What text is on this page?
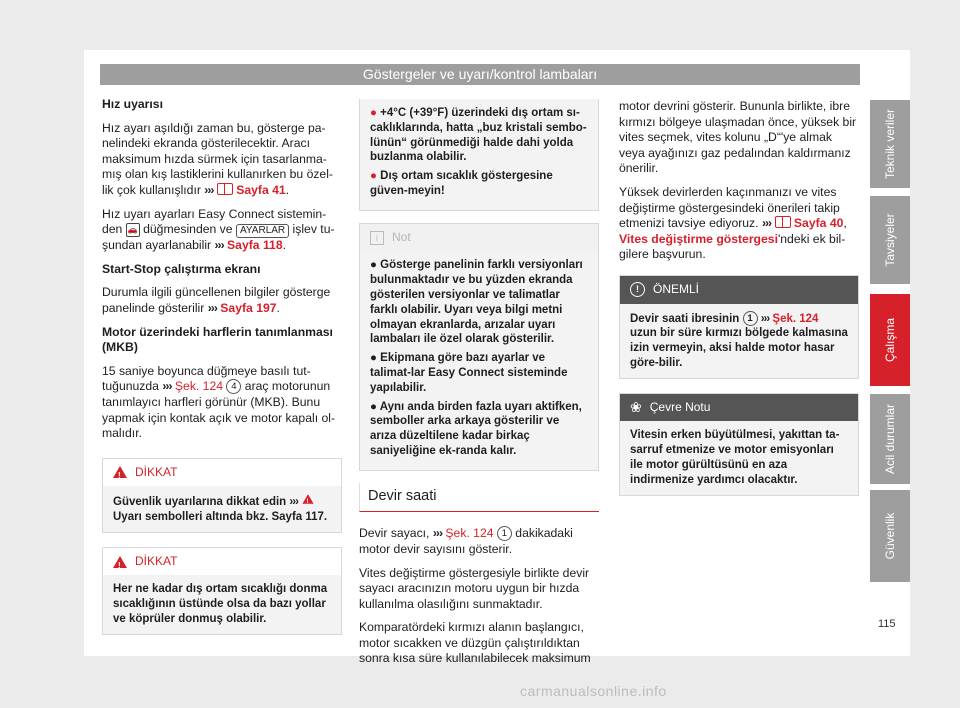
Göstergeler ve uyarı/kontrol lambaları

Hız uyarısı

Hız ayarı aşıldığı zaman bu, gösterge pa-nelindeki ekranda gösterilecektir. Aracı maksimum hızda sürmek için tasarlanma-mış olan kış lastiklerini kullanırken bu özel-lik çok kullanışlıdır ››› Sayfa 41.

Hız uyarı ayarları Easy Connect sistemin-den 🚗 düğmesinden ve AYARLAR işlev tu-şundan ayarlanabilir ››› Sayfa 118.

Start-Stop çalıştırma ekranı

Durumla ilgili güncellenen bilgiler gösterge panelinde gösterilir ››› Sayfa 197.

Motor üzerindeki harflerin tanımlanması (MKB)

15 saniye boyunca düğmeye basılı tut-tuğunuzda ››› Şek. 124 4 araç motorunun tanımlayıcı harfleri görünür (MKB). Bunu yapmak için kontak açık ve motor kapalı ol-malıdır.

!
DİKKAT
Güvenlik uyarılarına dikkat edin ››› !
Uyarı sembolleri altında bkz. Sayfa 117.
!
DİKKAT
Her ne kadar dış ortam sıcaklığı donma sıcaklığının üstünde olsa da bazı yollar ve köprüler donmuş olabilir.

● +4°C (+39°F) üzerindeki dış ortam sı-caklıklarında, hatta „buz kristali sembo-lünün“ görünmediği halde dahi yolda buzlanma olabilir.

● Dış ortam sıcaklık göstergesine güven-meyin!

i	Not

● Gösterge panelinin farklı versiyonları bulunmaktadır ve bu yüzden ekranda gösterilen versiyonlar ve talimatlar farklı olabilir. Uyarı veya bilgi metni olmayan ekranlarda, arızalar uyarı lambaları ile özel olarak gösterilir.

● Ekipmana göre bazı ayarlar ve talimat-lar Easy Connect sisteminde yapılabilir.

● Aynı anda birden fazla uyarı aktifken, semboller arka arkaya gösterilir ve arıza düzeltilene kadar birkaç saniyeliğine ek-randa kalır.

Devir saati

Devir sayacı, ››› Şek. 124 1 dakikadaki motor devir sayısını gösterir.

Vites değiştirme göstergesiyle birlikte devir sayacı aracınızın motoru uygun bir hızda kullanılma olasılığını sunmaktadır.

Komparatördeki kırmızı alanın başlangıcı, motor sıcakken ve düzgün çalıştırıldıktan sonra kısa süre kullanılabilecek maksimum

motor devrini gösterir. Bununla birlikte, ibre kırmızı bölgeye ulaşmadan önce, yüksek bir vites seçmek, vites kolunu „D“'ye almak veya ayağınızı gaz pedalından kaldırmanız önerilir.

Yüksek devirlerden kaçınmanızı ve vites değiştirme göstergesindeki önerileri takip etmenizi tavsiye ediyoruz. ››› Sayfa 40, Vites değiştirme göstergesi'ndeki ek bil-gilere başvurun.

!	ÖNEMLİ
Devir saati ibresinin 1 ››› Şek. 124 uzun bir süre kırmızı bölgede kalmasına izin vermeyin, aksi halde motor hasar göre-bilir.
❀ Çevre Notu
Vitesin erken büyütülmesi, yakıttan ta-sarruf etmenize ve motor emisyonları ile motor gürültüsünü en aza indirmenize yardımcı olacaktır.
Teknik veriler
Tavsiyeler
Çalışma
Acil durumlar
Güvenlik
115
carmanualsonline.info
